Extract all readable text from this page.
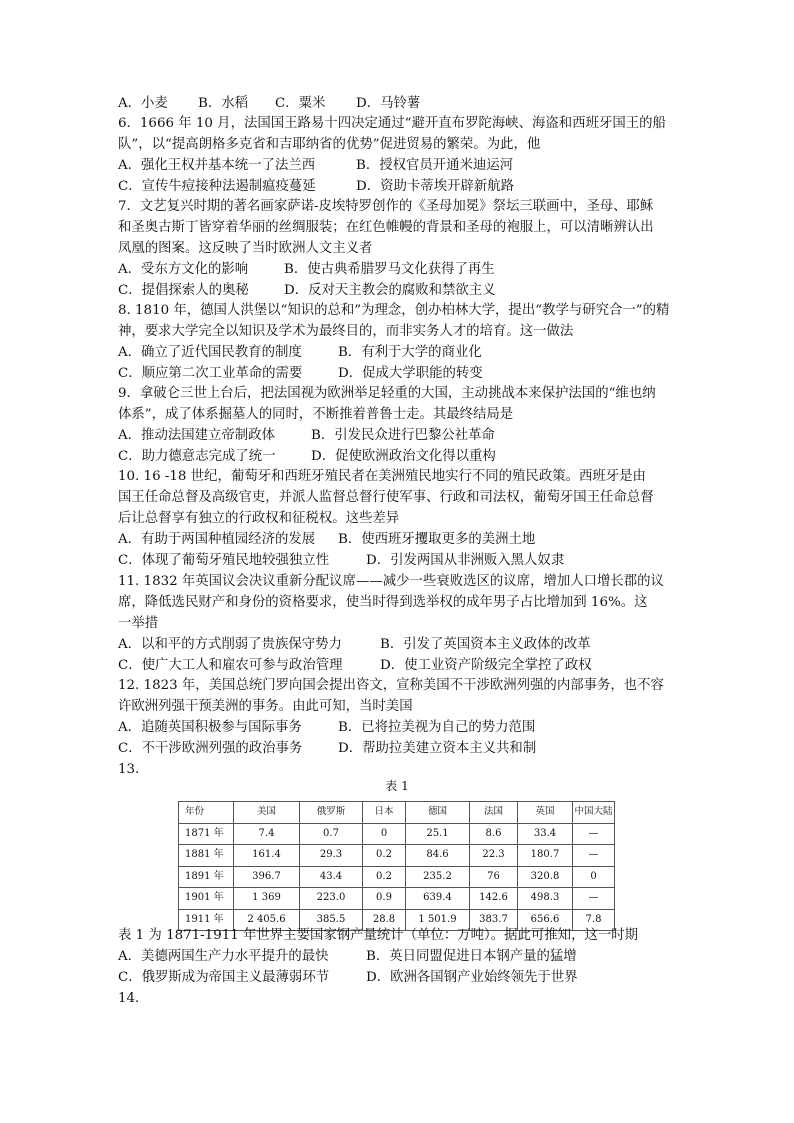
A．小麦 B．水稻 C．粟米 D．马铃薯
6．1666 年 10 月，法国国王路易十四决定通过“避开直布罗陀海峡、海盗和西班牙国王的船
队”，以“提高朗格多克省和吉耶纳省的优势”促进贸易的繁荣。为此，他
A．强化王权并基本统一了法兰西	B．授权官员开通米迪运河
C．宣传牛痘接种法遏制瘟疫蔓延	D．资助卡蒂埃开辟新航路
7．文艺复兴时期的著名画家萨诺-皮埃特罗创作的《圣母加冕》祭坛三联画中，圣母、耶稣
和圣奥古斯丁皆穿着华丽的丝绸服装；在红色帷幔的背景和圣母的袍服上，可以清晰辨认出
凤凰的图案。这反映了当时欧洲人文主义者
A．受东方文化的影响	B．使古典希腊罗马文化获得了再生
C．提倡探索人的奥秘	D．反对天主教会的腐败和禁欲主义
8. 1810 年，德国人洪堡以“知识的总和”为理念，创办柏林大学，提出“教学与研究合一”的精
神，要求大学完全以知识及学术为最终目的，而非实务人才的培育。这一做法
A．确立了近代国民教育的制度	B．有利于大学的商业化
C．顺应第二次工业革命的需要	D．促成大学职能的转变
9．拿破仑三世上台后，把法国视为欧洲举足轻重的大国，主动挑战本来保护法国的“维也纳
体系”，成了体系掘墓人的同时，不断推着普鲁士走。其最终结局是
A．推动法国建立帝制政体	B．引发民众进行巴黎公社革命
C．助力德意志完成了统一	D．促使欧洲政治文化得以重构
10. 16 -18 世纪，葡萄牙和西班牙殖民者在美洲殖民地实行不同的殖民政策。西班牙是由
国王任命总督及高级官吏，并派人监督总督行使军事、行政和司法权，葡萄牙国王任命总督
后让总督享有独立的行政权和征税权。这些差异
A．有助于两国种植园经济的发展 B．使西班牙攫取更多的美洲土地
C．体现了葡萄牙殖民地较强独立性	D．引发两国从非洲贩入黑人奴隶
11. 1832 年英国议会决议重新分配议席——减少一些衰败选区的议席，增加人口增长郡的议
席，降低选民财产和身份的资格要求，使当时得到选举权的成年男子占比增加到 16%。这
一举措
A．以和平的方式削弱了贵族保守势力	B．引发了英国资本主义政体的改革
C．使广大工人和雇农可参与政治管理	D．使工业资产阶级完全掌控了政权
12. 1823 年，美国总统门罗向国会提出咨文，宣称美国不干涉欧洲列强的内部事务，也不容
许欧洲列强干预美洲的事务。由此可知，当时美国
A．追随英国积极参与国际事务	B．已将拉美视为自己的势力范围
C．不干涉欧洲列强的政治事务	D．帮助拉美建立资本主义共和制
13.
表 1
年份	美国	俄罗斯	日本	德国	法国	英国	中国大陆
1871 年	7.4	0.7	0	25.1	8.6	33.4	—
1881 年	161.4	29.3	0.2	84.6	22.3	180.7	—
1891 年	396.7	43.4	0.2	235.2	76	320.8	0
1901 年	1 369	223.0	0.9	639.4	142.6	498.3	—
1911 年	2 405.6	385.5	28.8	1 501.9	383.7	656.6	7.8
表 1 为 1871-1911 年世界主要国家钢产量统计（单位：万吨）。据此可推知，这一时期
A．美德两国生产力水平提升的最快	B．英日同盟促进日本钢产量的猛增
C．俄罗斯成为帝国主义最薄弱环节	D．欧洲各国钢产业始终领先于世界
14．
